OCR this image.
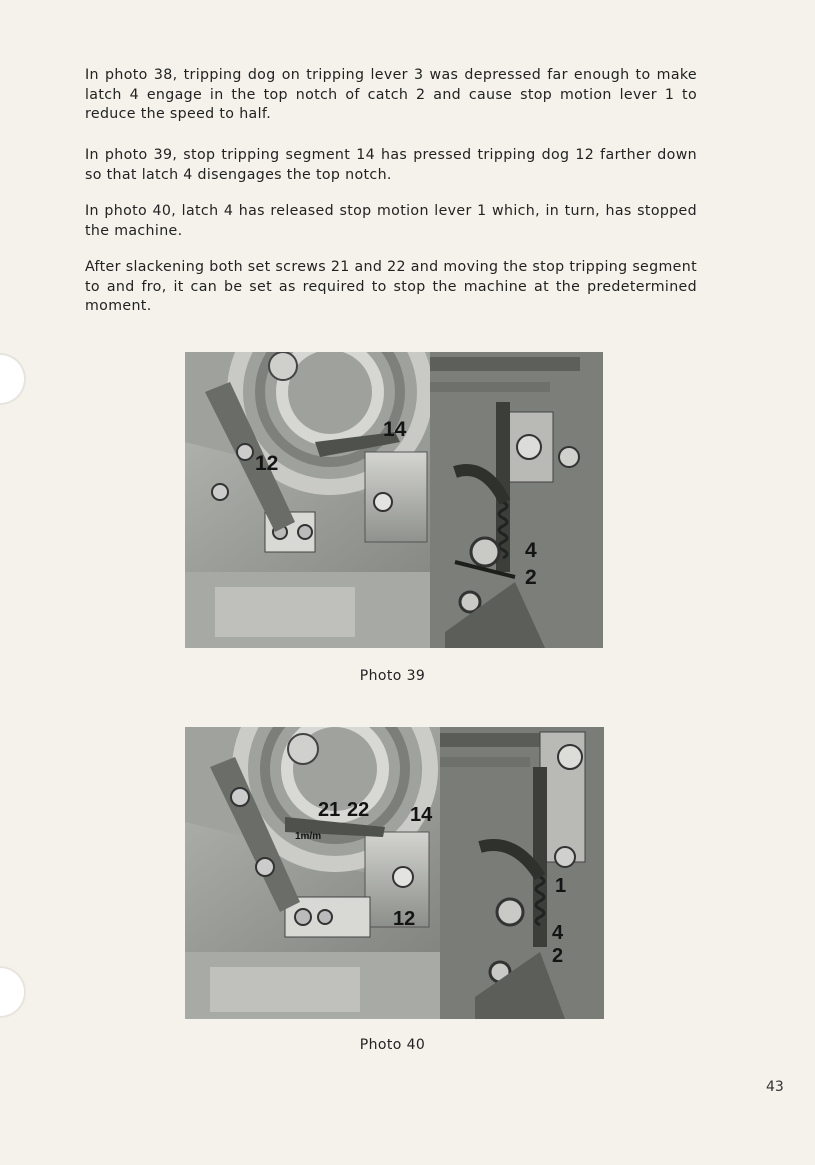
In photo 38, tripping dog on tripping lever 3 was depressed far enough to make latch 4 engage in the top notch of catch 2 and cause stop motion lever 1 to reduce the speed to half.

In photo 39, stop tripping segment 14 has pressed tripping dog 12 farther down so that latch 4 disengages the top notch.

In photo 40, latch 4 has released stop motion lever 1 which, in turn, has stopped the machine.

After slackening both set screws 21 and 22 and moving the stop tripping segment to and fro, it can be set as required to stop the machine at the predetermined moment.

14
12
4
2
Photo 39
1m/m
21 22 14
12
1
4
2
Photo 40
43
